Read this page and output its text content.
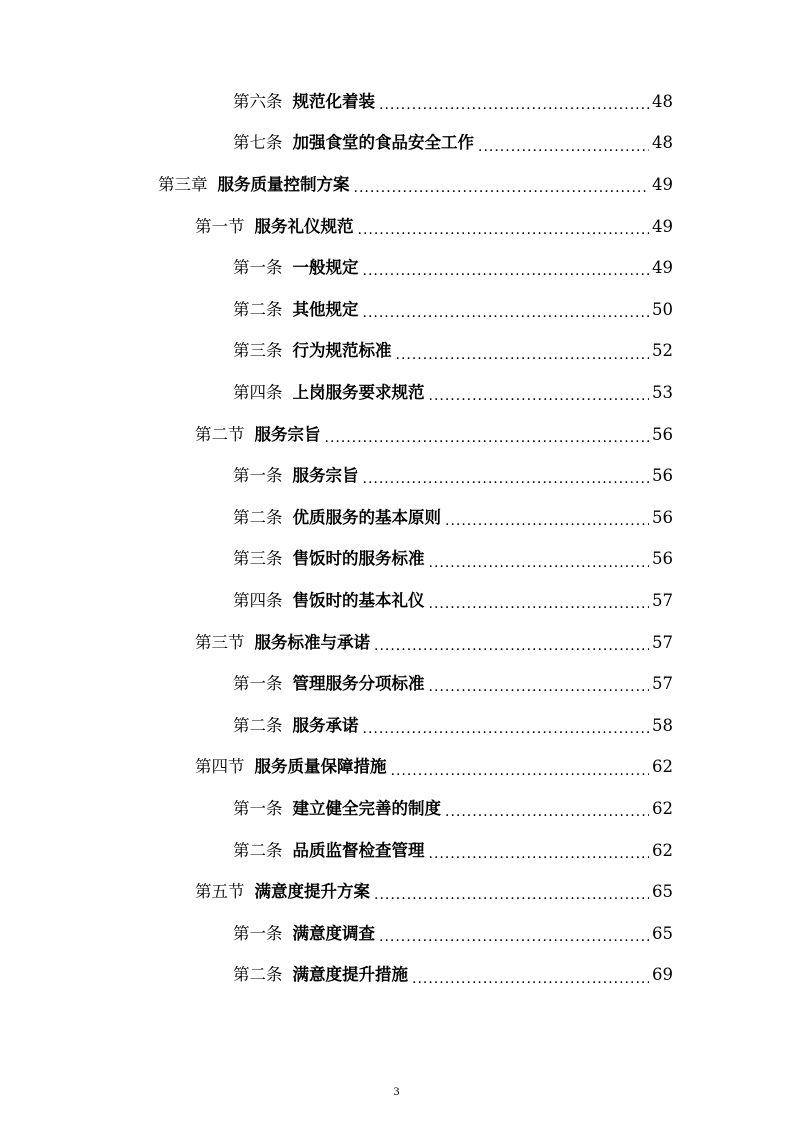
第六条 规范化着装 .....	48
第七条 加强食堂的食品安全工作 .....	48
第三章 服务质量控制方案 .....	49
第一节 服务礼仪规范 .....	49
第一条 一般规定 .....	49
第二条 其他规定 .....	50
第三条 行为规范标准 .....	52
第四条 上岗服务要求规范 .....	53
第二节 服务宗旨 .....	56
第一条 服务宗旨 .....	56
第二条 优质服务的基本原则 .....	56
第三条 售饭时的服务标准 .....	56
第四条 售饭时的基本礼仪 .....	57
第三节 服务标准与承诺 .....	57
第一条 管理服务分项标准 .....	57
第二条 服务承诺 .....	58
第四节 服务质量保障措施 .....	62
第一条 建立健全完善的制度 .....	62
第二条 品质监督检查管理 .....	62
第五节 满意度提升方案 .....	65
第一条 满意度调查 .....	65
第二条 满意度提升措施 .....	69
3
